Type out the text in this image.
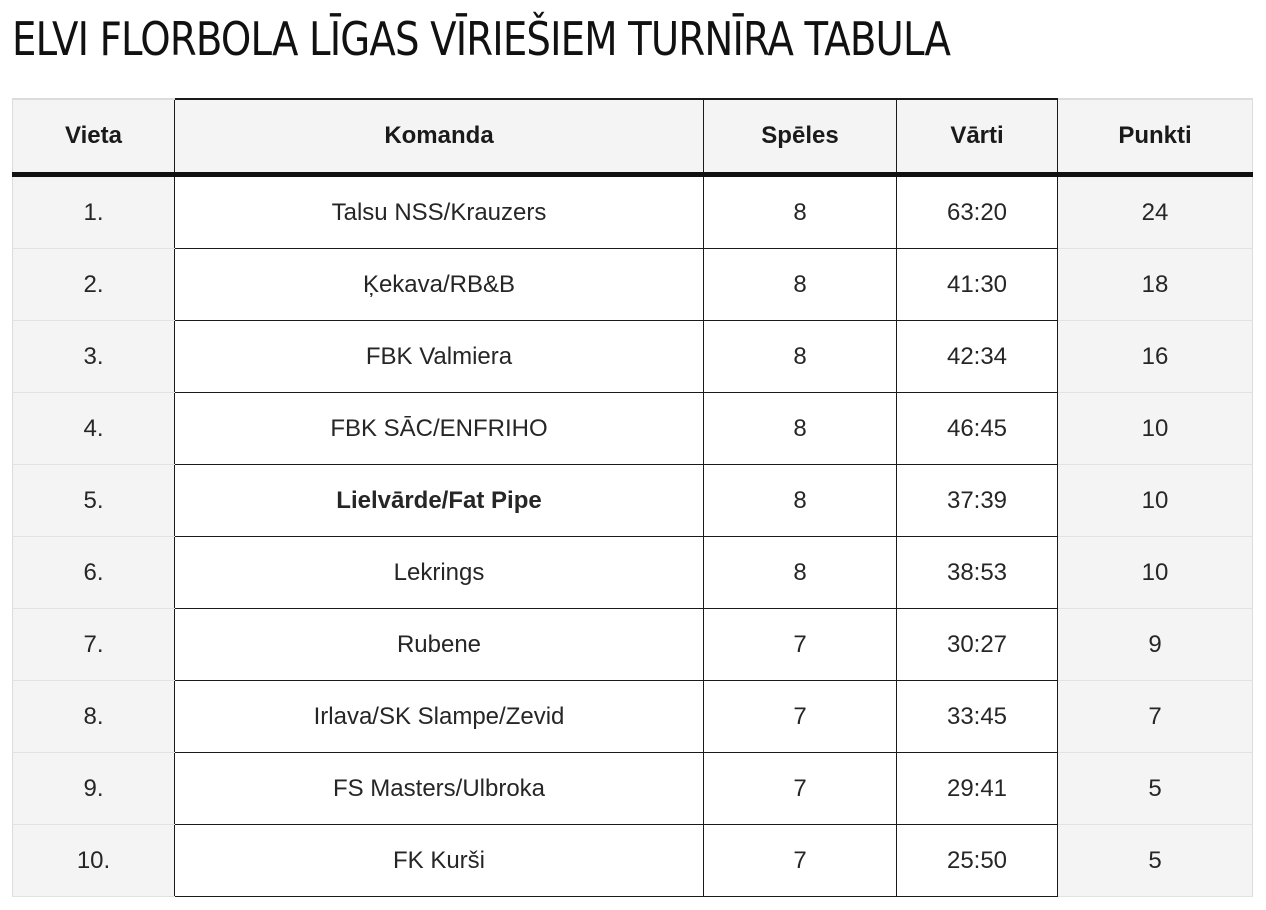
ELVI FLORBOLA LĪGAS VĪRIEŠIEM TURNĪRA TABULA
Vieta	Komanda	Spēles	Vārti	Punkti
1.	Talsu NSS/Krauzers	8	63:20	24
2.	Ķekava/RB&B	8	41:30	18
3.	FBK Valmiera	8	42:34	16
4.	FBK SĀC/ENFRIHO	8	46:45	10
5.	Lielvārde/Fat Pipe	8	37:39	10
6.	Lekrings	8	38:53	10
7.	Rubene	7	30:27	9
8.	Irlava/SK Slampe/Zevid	7	33:45	7
9.	FS Masters/Ulbroka	7	29:41	5
10.	FK Kurši	7	25:50	5
